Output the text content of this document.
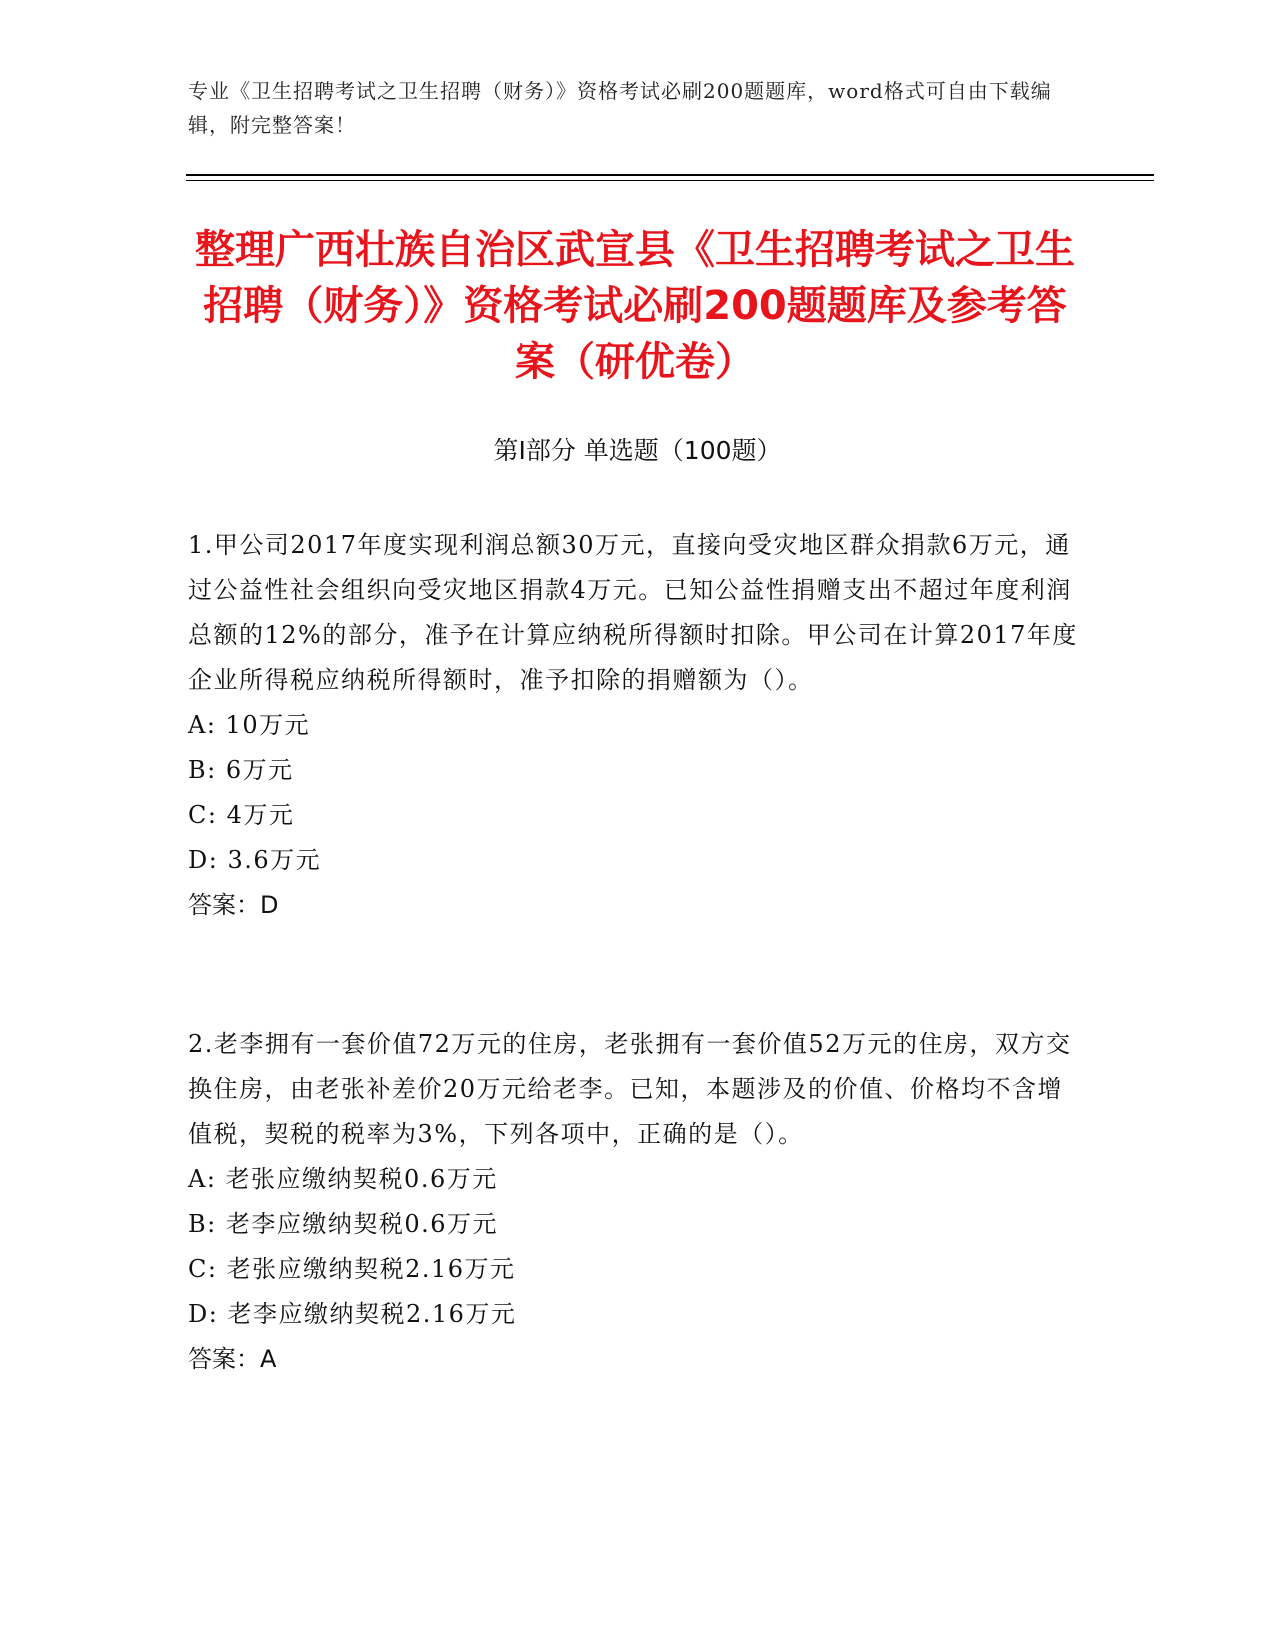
专业《卫生招聘考试之卫生招聘（财务）》资格考试必刷200题题库，word格式可自由下载编辑，附完整答案！
整理广西壮族自治区武宣县《卫生招聘考试之卫生招聘（财务）》资格考试必刷200题题库及参考答案（研优卷）
第Ⅰ部分 单选题（100题）

1.甲公司2017年度实现利润总额30万元，直接向受灾地区群众捐款6万元，通过公益性社会组织向受灾地区捐款4万元。已知公益性捐赠支出不超过年度利润总额的12%的部分，准予在计算应纳税所得额时扣除。甲公司在计算2017年度企业所得税应纳税所得额时，准予扣除的捐赠额为（）。

A: 10万元

B: 6万元

C: 4万元

D: 3.6万元

答案：D

2.老李拥有一套价值72万元的住房，老张拥有一套价值52万元的住房，双方交换住房，由老张补差价20万元给老李。已知，本题涉及的价值、价格均不含增值税，契税的税率为3%，下列各项中，正确的是（）。

A: 老张应缴纳契税0.6万元

B: 老李应缴纳契税0.6万元

C: 老张应缴纳契税2.16万元

D: 老李应缴纳契税2.16万元

答案：A
